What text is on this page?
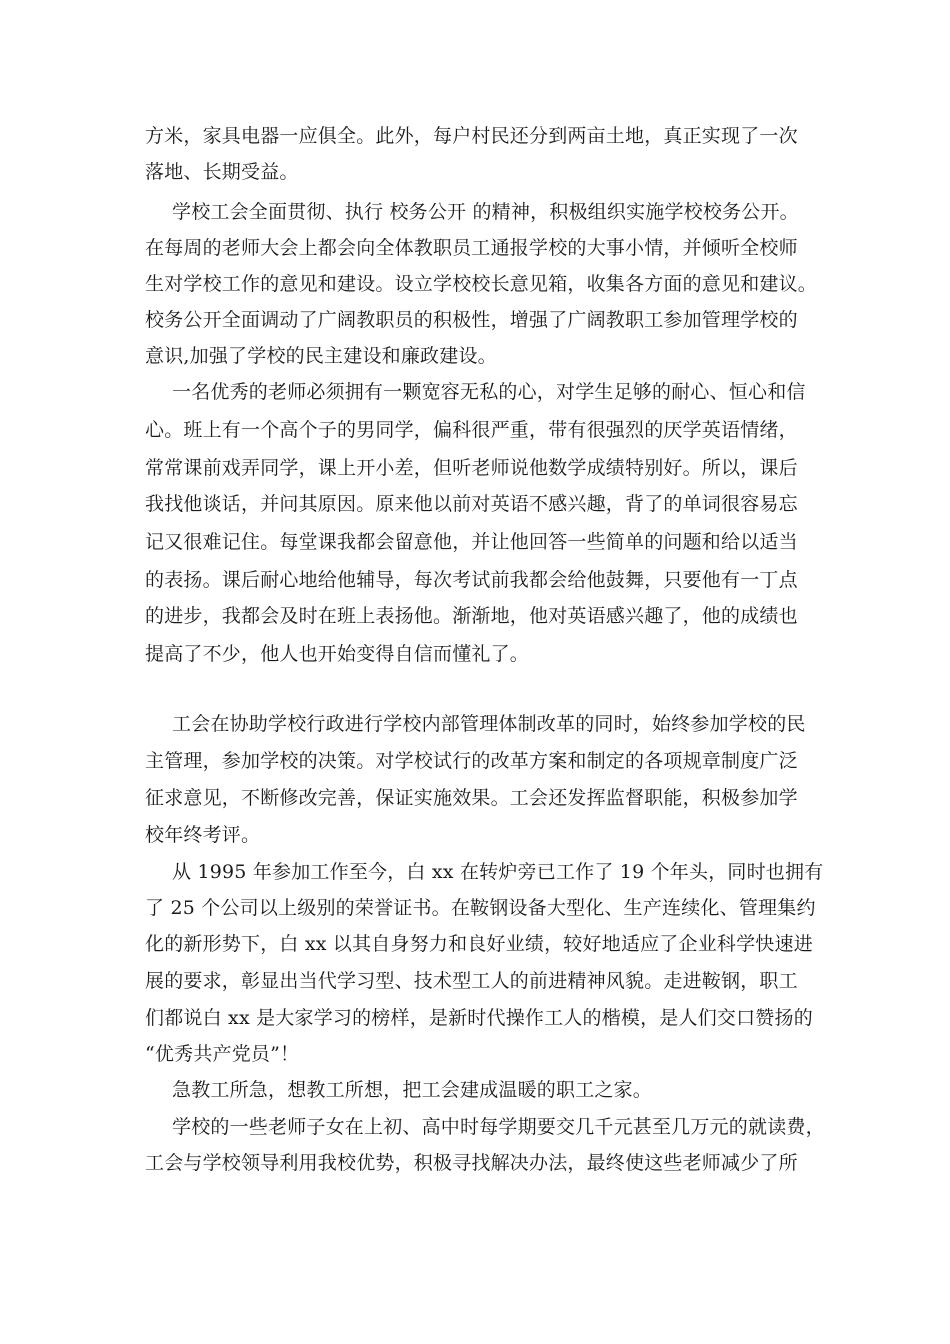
方米，家具电器一应俱全。此外，每户村民还分到两亩土地，真正实现了一次
落地、长期受益。
学校工会全面贯彻、执行 校务公开 的精神，积极组织实施学校校务公开。
在每周的老师大会上都会向全体教职员工通报学校的大事小情，并倾听全校师
生对学校工作的意见和建设。设立学校校长意见箱，收集各方面的意见和建议。
校务公开全面调动了广阔教职员的积极性，增强了广阔教职工参加管理学校的
意识,加强了学校的民主建设和廉政建设。
一名优秀的老师必须拥有一颗宽容无私的心，对学生足够的耐心、恒心和信
心。班上有一个高个子的男同学，偏科很严重，带有很强烈的厌学英语情绪，
常常课前戏弄同学，课上开小差，但听老师说他数学成绩特别好。所以，课后
我找他谈话，并问其原因。原来他以前对英语不感兴趣，背了的单词很容易忘
记又很难记住。每堂课我都会留意他，并让他回答一些简单的问题和给以适当
的表扬。课后耐心地给他辅导，每次考试前我都会给他鼓舞，只要他有一丁点
的进步，我都会及时在班上表扬他。渐渐地，他对英语感兴趣了，他的成绩也
提高了不少，他人也开始变得自信而懂礼了。
工会在协助学校行政进行学校内部管理体制改革的同时，始终参加学校的民
主管理，参加学校的决策。对学校试行的改革方案和制定的各项规章制度广泛
征求意见，不断修改完善，保证实施效果。工会还发挥监督职能，积极参加学
校年终考评。
从 1995 年参加工作至今，白 xx 在转炉旁已工作了 19 个年头，同时也拥有
了 25 个公司以上级别的荣誉证书。在鞍钢设备大型化、生产连续化、管理集约
化的新形势下，白 xx 以其自身努力和良好业绩，较好地适应了企业科学快速进
展的要求，彰显出当代学习型、技术型工人的前进精神风貌。走进鞍钢，职工
们都说白 xx 是大家学习的榜样，是新时代操作工人的楷模，是人们交口赞扬的
“优秀共产党员”！
急教工所急，想教工所想，把工会建成温暖的职工之家。
学校的一些老师子女在上初、高中时每学期要交几千元甚至几万元的就读费，
工会与学校领导利用我校优势，积极寻找解决办法，最终使这些老师减少了所
